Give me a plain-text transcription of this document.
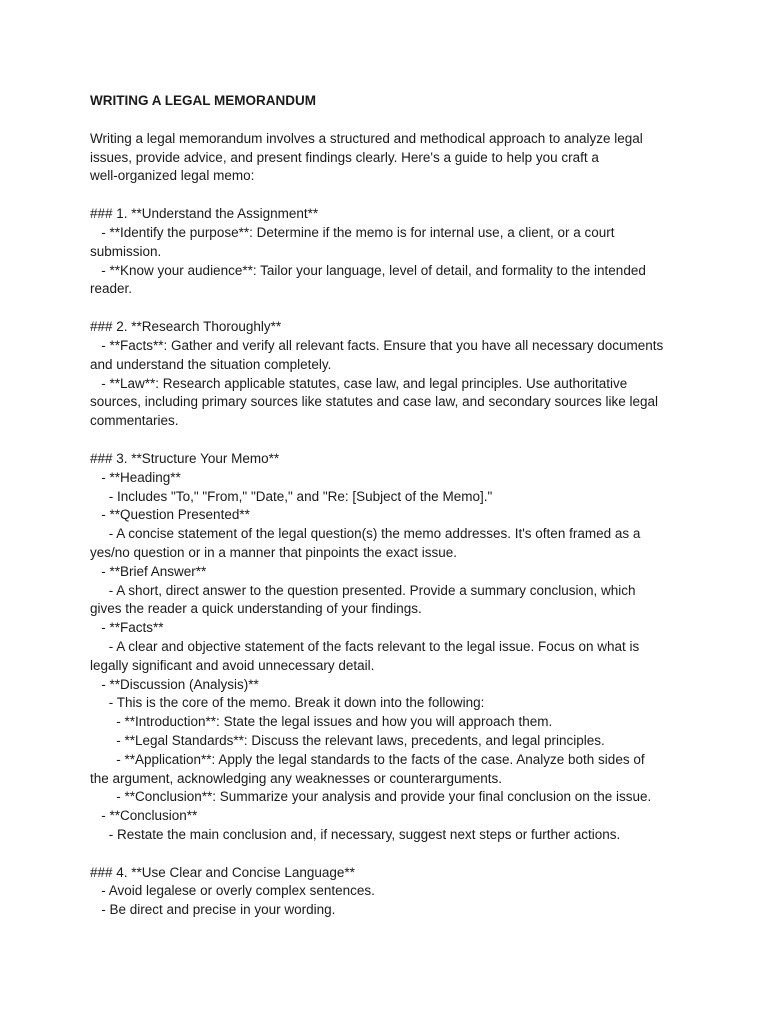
WRITING A LEGAL MEMORANDUM

Writing a legal memorandum involves a structured and methodical approach to analyze legal

issues, provide advice, and present findings clearly. Here's a guide to help you craft a

well-organized legal memo:

### 1. **Understand the Assignment**

- **Identify the purpose**: Determine if the memo is for internal use, a client, or a court

submission.

- **Know your audience**: Tailor your language, level of detail, and formality to the intended

reader.

### 2. **Research Thoroughly**

- **Facts**: Gather and verify all relevant facts. Ensure that you have all necessary documents

and understand the situation completely.

- **Law**: Research applicable statutes, case law, and legal principles. Use authoritative

sources, including primary sources like statutes and case law, and secondary sources like legal

commentaries.

### 3. **Structure Your Memo**

- **Heading**

- Includes "To," "From," "Date," and "Re: [Subject of the Memo]."

- **Question Presented**

- A concise statement of the legal question(s) the memo addresses. It's often framed as a

yes/no question or in a manner that pinpoints the exact issue.

- **Brief Answer**

- A short, direct answer to the question presented. Provide a summary conclusion, which

gives the reader a quick understanding of your findings.

- **Facts**

- A clear and objective statement of the facts relevant to the legal issue. Focus on what is

legally significant and avoid unnecessary detail.

- **Discussion (Analysis)**

- This is the core of the memo. Break it down into the following:

- **Introduction**: State the legal issues and how you will approach them.

- **Legal Standards**: Discuss the relevant laws, precedents, and legal principles.

- **Application**: Apply the legal standards to the facts of the case. Analyze both sides of

the argument, acknowledging any weaknesses or counterarguments.

- **Conclusion**: Summarize your analysis and provide your final conclusion on the issue.

- **Conclusion**

- Restate the main conclusion and, if necessary, suggest next steps or further actions.

### 4. **Use Clear and Concise Language**

- Avoid legalese or overly complex sentences.

- Be direct and precise in your wording.
